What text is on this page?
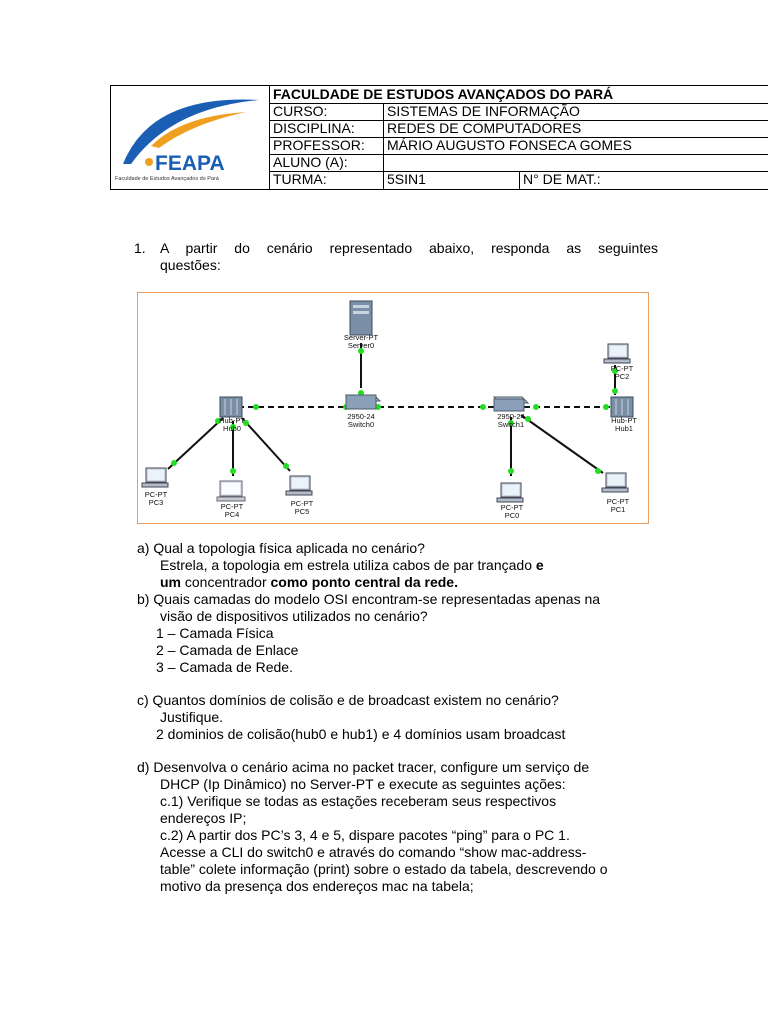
FEAPA
Faculdade de Estudos Avançados do Pará
FACULDADE DE ESTUDOS AVANÇADOS DO PARÁ
CURSO:	SISTEMAS DE INFORMAÇÃO
DISCIPLINA: REDES DE COMPUTADORES
PROFESSOR: MÁRIO AUGUSTO FONSECA GOMES
ALUNO (A):
TURMA:	5SIN1	N° DE MAT.:
1. A partir do cenário representado abaixo, responda as seguintes
questões:
Server-PT
Server0
2950-24
Switch0
2950-24
Switch1
Hub-PT
Hub0
Hub-PT
Hub1
PC-PT
PC3	PC-PT
PC4
PC-PT
PC5	PC-PT
PC0
PC-PT
PC1
PC-PT
PC2
a) Qual a topologia física aplicada no cenário?
Estrela, a topologia em estrela utiliza cabos de par trançado e
um concentrador como ponto central da rede.
b) Quais camadas do modelo OSI encontram-se representadas apenas na
visão de dispositivos utilizados no cenário?
1 – Camada Física
2 – Camada de Enlace
3 – Camada de Rede.
c) Quantos domínios de colisão e de broadcast existem no cenário?
Justifique.
2 dominios de colisão(hub0 e hub1) e 4 domínios usam broadcast
d) Desenvolva o cenário acima no packet tracer, configure um serviço de
DHCP (Ip Dinâmico) no Server-PT e execute as seguintes ações:
c.1) Verifique se todas as estações receberam seus respectivos
endereços IP;
c.2) A partir dos PC’s 3, 4 e 5, dispare pacotes “ping” para o PC 1.
Acesse a CLI do switch0 e através do comando “show mac-address-
table” colete informação (print) sobre o estado da tabela, descrevendo o
motivo da presença dos endereços mac na tabela;
